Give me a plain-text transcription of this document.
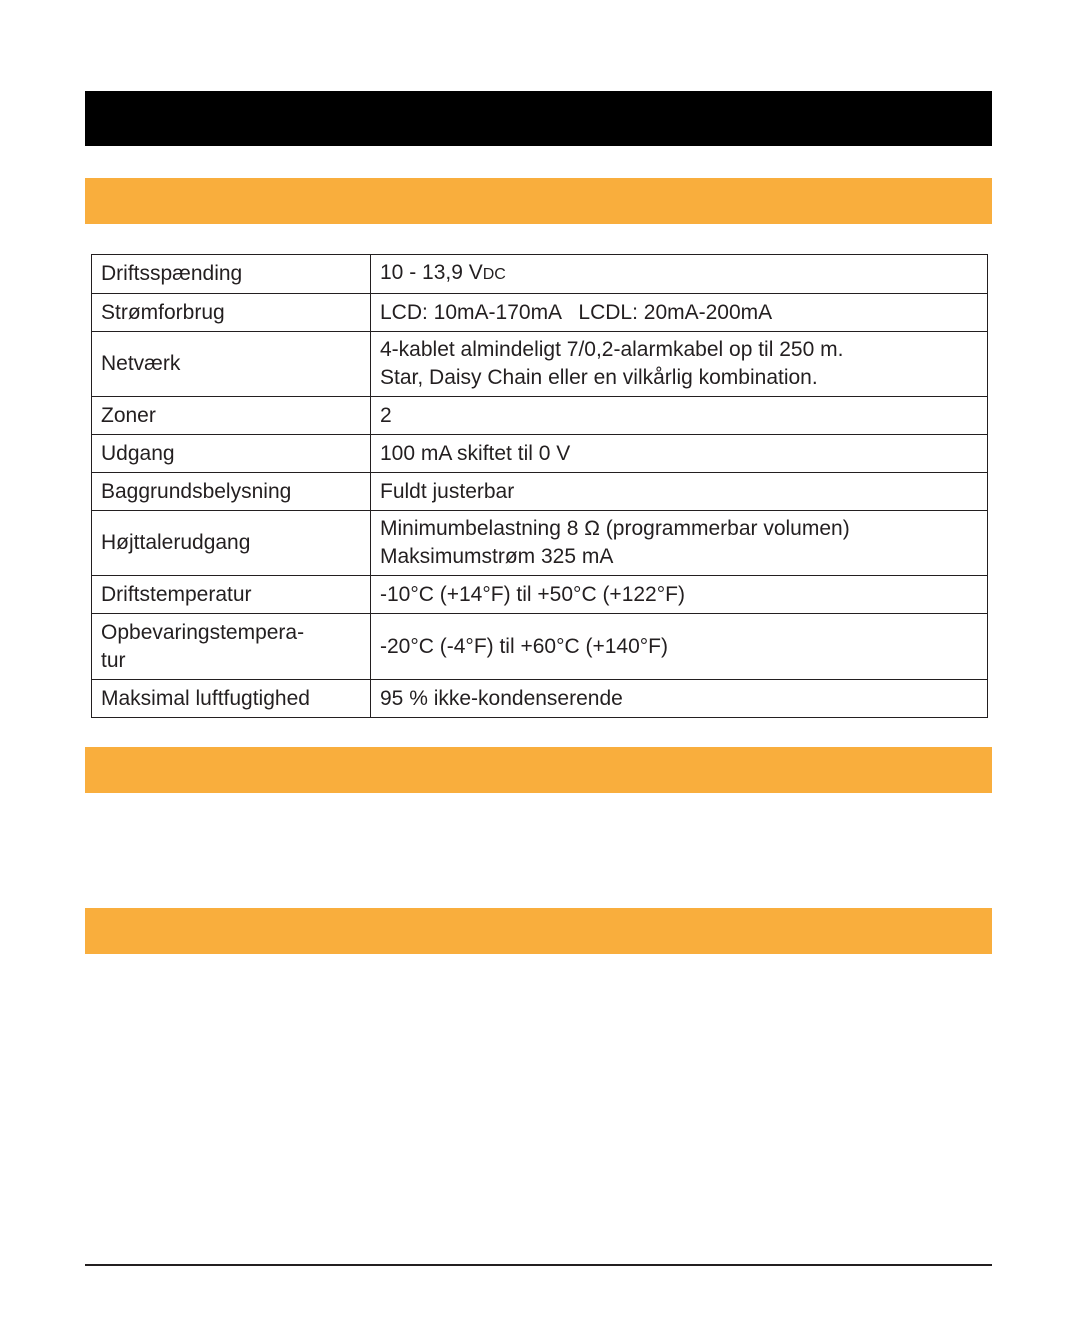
Driftsspænding	10 - 13,9 VDC
Strømforbrug	LCD: 10mA-170mA   LCDL: 20mA-200mA
Netværk	4-kablet almindeligt 7/0,2-alarmkabel op til 250 m.
Star, Daisy Chain eller en vilkårlig kombination.

Zoner	2
Udgang	100 mA skiftet til 0 V
Baggrundsbelysning	Fuldt justerbar
Højttalerudgang	Minimumbelastning 8 Ω (programmerbar volumen)
Maksimumstrøm 325 mA

Driftstemperatur	-10°C (+14°F) til +50°C (+122°F)

Opbevaringstempera-
tur	-20°C (-4°F) til +60°C (+140°F)
Maksimal luftfugtighed	95 % ikke-kondenserende
